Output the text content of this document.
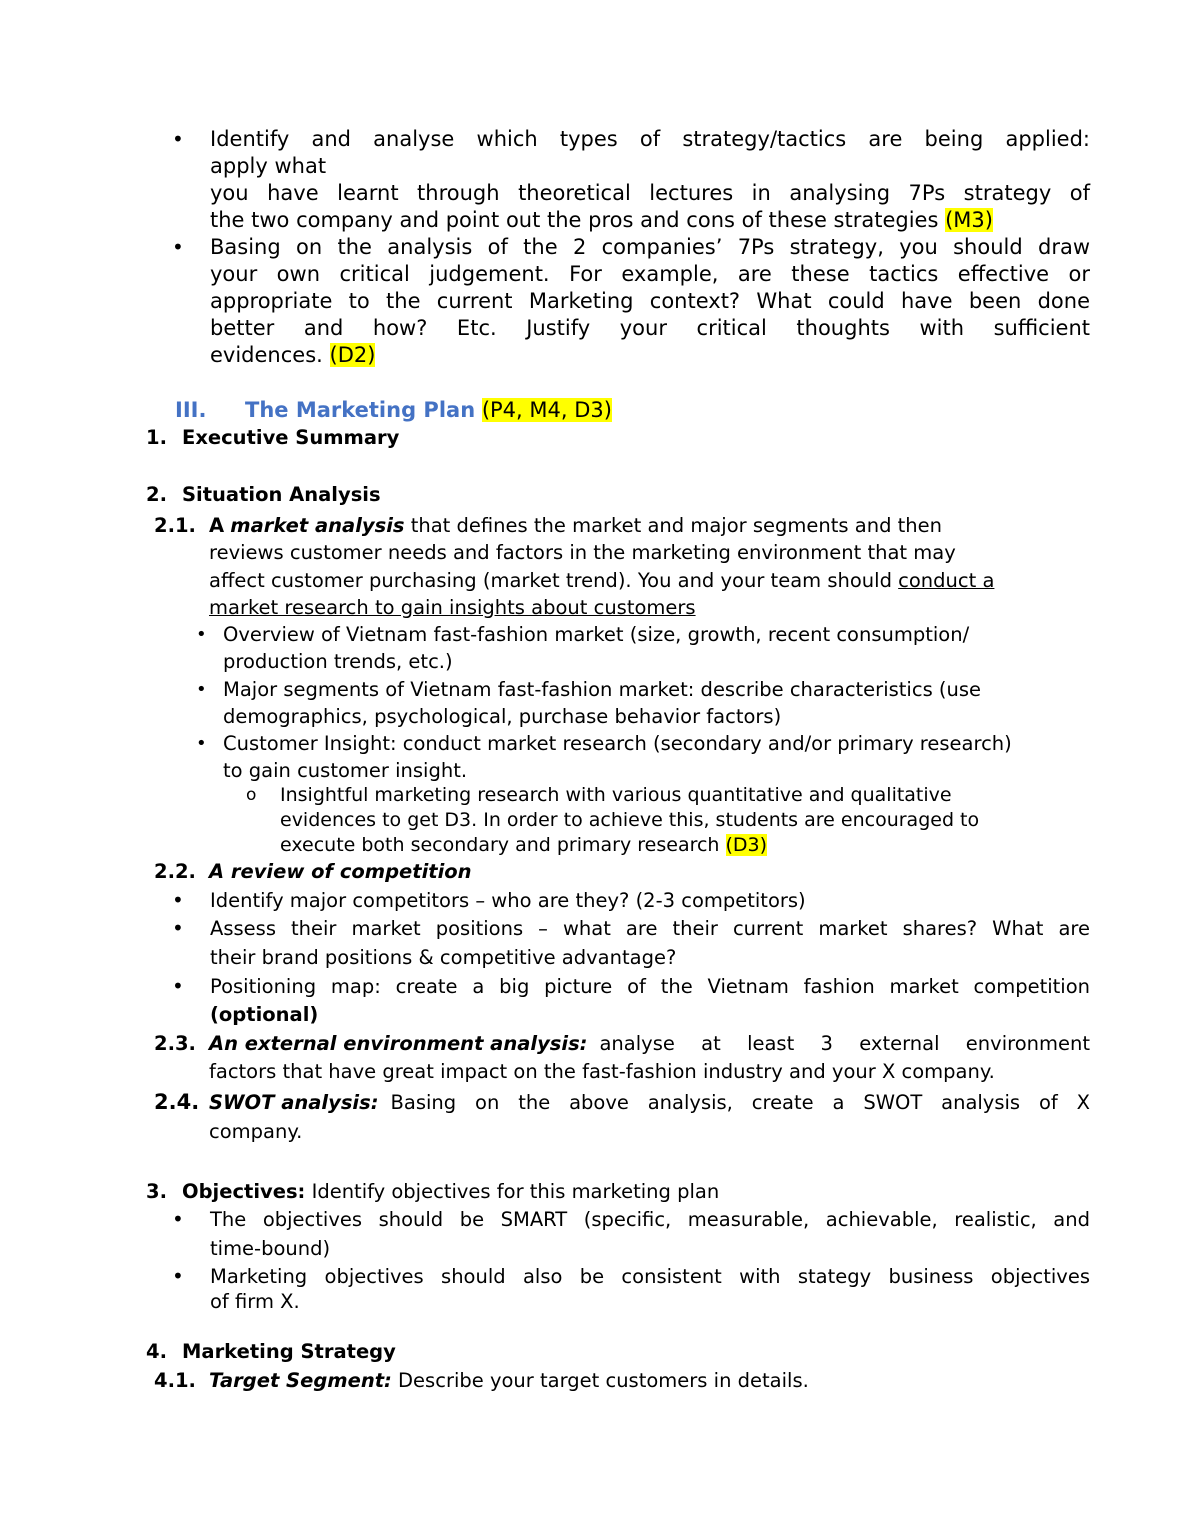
• Identify and analyse which types of strategy/tactics are being applied:
apply what
you have learnt through theoretical lectures in analysing 7Ps strategy of
the two company and point out the pros and cons of these strategies (M3)
• Basing on the analysis of the 2 companies’ 7Ps strategy, you should draw
your own critical judgement. For example, are these tactics effective or
appropriate to the current Marketing context? What could have been done
better and how? Etc. Justify your critical thoughts with sufficient
evidences. (D2)
III. The Marketing Plan (P4, M4, D3)
1. Executive Summary
2. Situation Analysis
2.1. A market analysis that defines the market and major segments and then
reviews customer needs and factors in the marketing environment that may
affect customer purchasing (market trend). You and your team should conduct a
market research to gain insights about customers
• Overview of Vietnam fast-fashion market (size, growth, recent consumption/
production trends, etc.)
• Major segments of Vietnam fast-fashion market: describe characteristics (use
demographics, psychological, purchase behavior factors)
• Customer Insight: conduct market research (secondary and/or primary research)
to gain customer insight.
o Insightful marketing research with various quantitative and qualitative
evidences to get D3. In order to achieve this, students are encouraged to
execute both secondary and primary research (D3)
2.2. A review of competition
• Identify major competitors – who are they? (2-3 competitors)
• Assess their market positions – what are their current market shares? What are
their brand positions & competitive advantage?
• Positioning map: create a big picture of the Vietnam fashion market competition
(optional)
2.3. An external environment analysis: analyse at least 3 external environment
factors that have great impact on the fast-fashion industry and your X company.
2.4. SWOT analysis: Basing on the above analysis, create a SWOT analysis of X
company.
3. Objectives: Identify objectives for this marketing plan
• The objectives should be SMART (specific, measurable, achievable, realistic, and
time-bound)
• Marketing objectives should also be consistent with stategy business objectives
of firm X.
4. Marketing Strategy
4.1. Target Segment: Describe your target customers in details.
